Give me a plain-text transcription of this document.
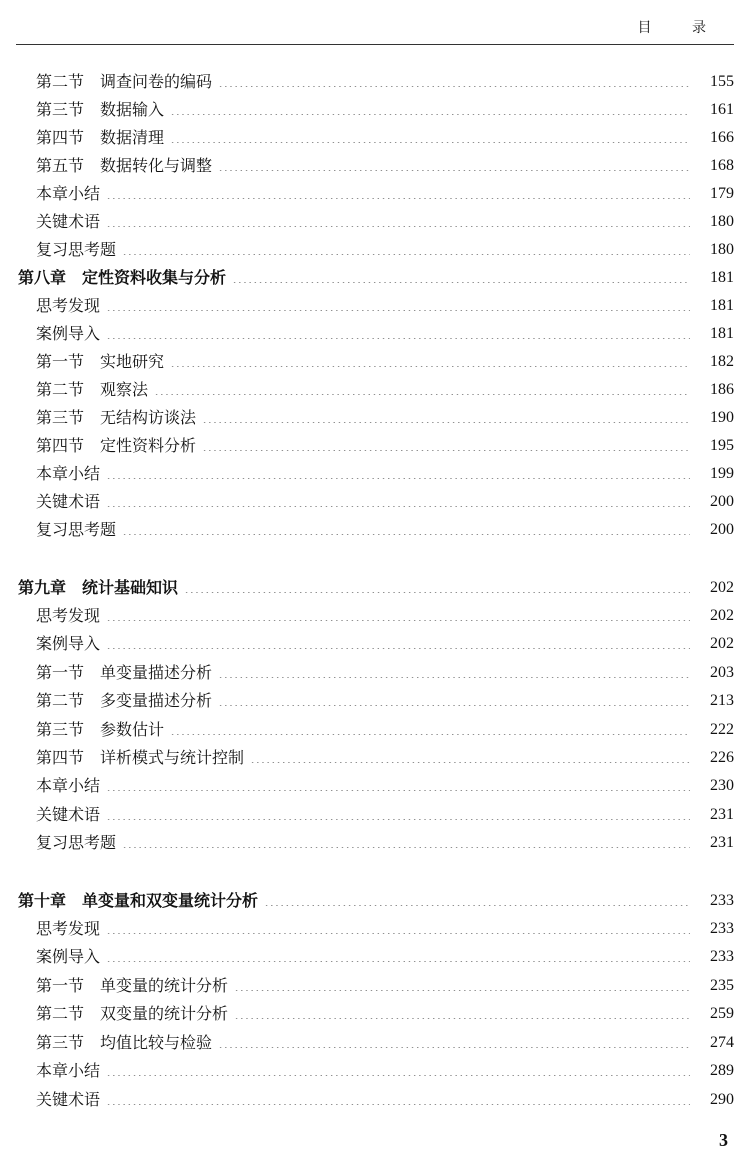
目 录
第二节　调查问卷的编码	155
第三节　数据输入	161
第四节　数据清理	166
第五节　数据转化与调整	168
本章小结	179
关键术语	180
复习思考题	180
第八章　定性资料收集与分析	181
思考发现	181
案例导入	181
第一节　实地研究	182
第二节　观察法	186
第三节　无结构访谈法	190
第四节　定性资料分析	195
本章小结	199
关键术语	200
复习思考题	200
第九章　统计基础知识	202
思考发现	202
案例导入	202
第一节　单变量描述分析	203
第二节　多变量描述分析	213
第三节　参数估计	222
第四节　详析模式与统计控制	226
本章小结	230
关键术语	231
复习思考题	231
第十章　单变量和双变量统计分析	233
思考发现	233
案例导入	233
第一节　单变量的统计分析	235
第二节　双变量的统计分析	259
第三节　均值比较与检验	274
本章小结	289
关键术语	290
3
